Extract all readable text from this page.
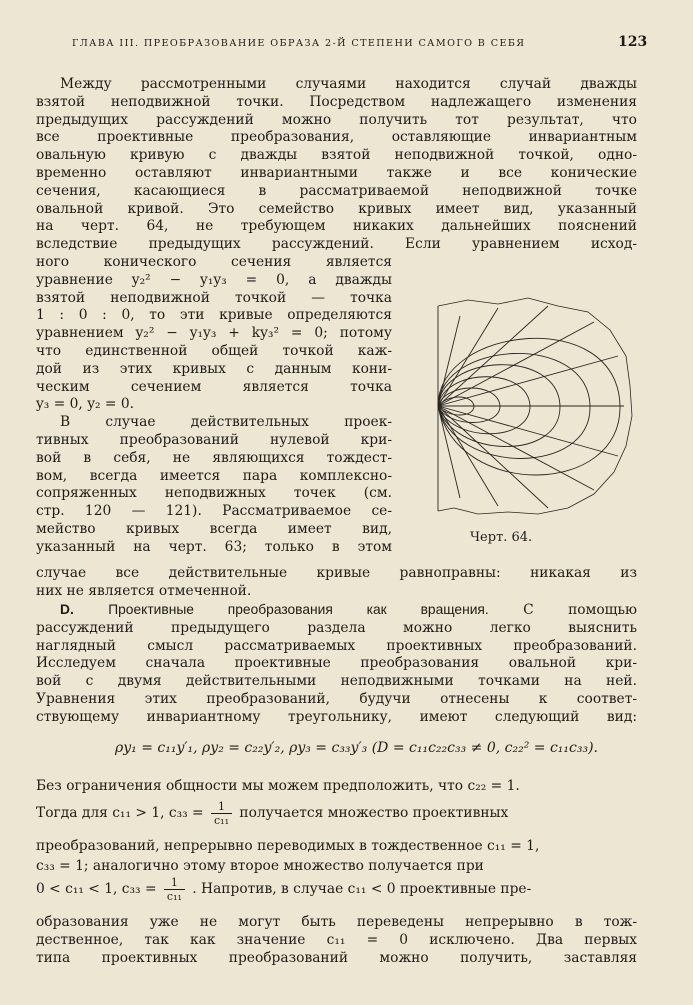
ГЛАВА III. ПРЕОБРАЗОВАНИЕ ОБРАЗА 2-Й СТЕПЕНИ САМОГО В СЕБЯ	123

Между рассмотренными случаями находится случай дважды
взятой неподвижной точки. Посредством надлежащего изменения
предыдущих рассуждений можно получить тот результат, что
все проективные преобразования, оставляющие инвариантным
овальную кривую с дважды взятой неподвижной точкой, одно-
временно оставляют инвариантными также и все конические
сечения, касающиеся в рассматриваемой неподвижной точке
овальной кривой. Это семейство кривых имеет вид, указанный
на черт. 64, не требующем никаких дальнейших пояснений
вследствие предыдущих рассуждений. Если уравнением исход-

ного конического сечения является
уравнение y₂² − y₁y₃ = 0, а дважды
взятой неподвижной точкой — точка
1 : 0 : 0, то эти кривые определяются
уравнением y₂² − y₁y₃ + ky₃² = 0; потому
что единственной общей точкой каж-
дой из этих кривых с данным кони-
ческим сечением является точка

y₃ = 0, y₂ = 0.

В случае действительных проек-
тивных преобразований нулевой кри-
вой в себя, не являющихся тождест-
вом, всегда имеется пара комплексно-
сопряженных неподвижных точек (см.
стр. 120 — 121). Рассматриваемое се-
мейство кривых всегда имеет вид,
указанный на черт. 63; только в этом

Черт. 64.

случае все действительные кривые равноправны: никакая из

них не является отмеченной.

D. Проективные преобразования как вращения. С помощью
рассуждений предыдущего раздела можно легко выяснить
наглядный смысл рассматриваемых проективных преобразований.
Исследуем сначала проективные преобразования овальной кри-
вой с двумя действительными неподвижными точками на ней.
Уравнения этих преобразований, будучи отнесены к соответ-
ствующему инвариантному треугольнику, имеют следующий вид:

ρy₁ = c₁₁y′₁, ρy₂ = c₂₂y′₂, ρy₃ = c₃₃y′₃ (D = c₁₁c₂₂c₃₃ ≠ 0, c₂₂² = c₁₁c₃₃).
Без ограничения общности мы можем предположить, что c₂₂ = 1.
Тогда для c₁₁ > 1, $c_{33} = \frac{1}{\text{c₁₁}}$ получается множество проективных
преобразований, непрерывно переводимых в тождественное c₁₁ = 1,
c₃₃ = 1; аналогично этому второе множество получается при
0 < c₁₁ < 1, $c_{33} = \frac{1}{\text{c₁₁}}$ . Напротив, в случае c₁₁ < 0 проективные пре-

образования уже не могут быть переведены непрерывно в тож-
дественное, так как значение c₁₁ = 0 исключено. Два первых
типа проективных преобразований можно получить, заставляя
